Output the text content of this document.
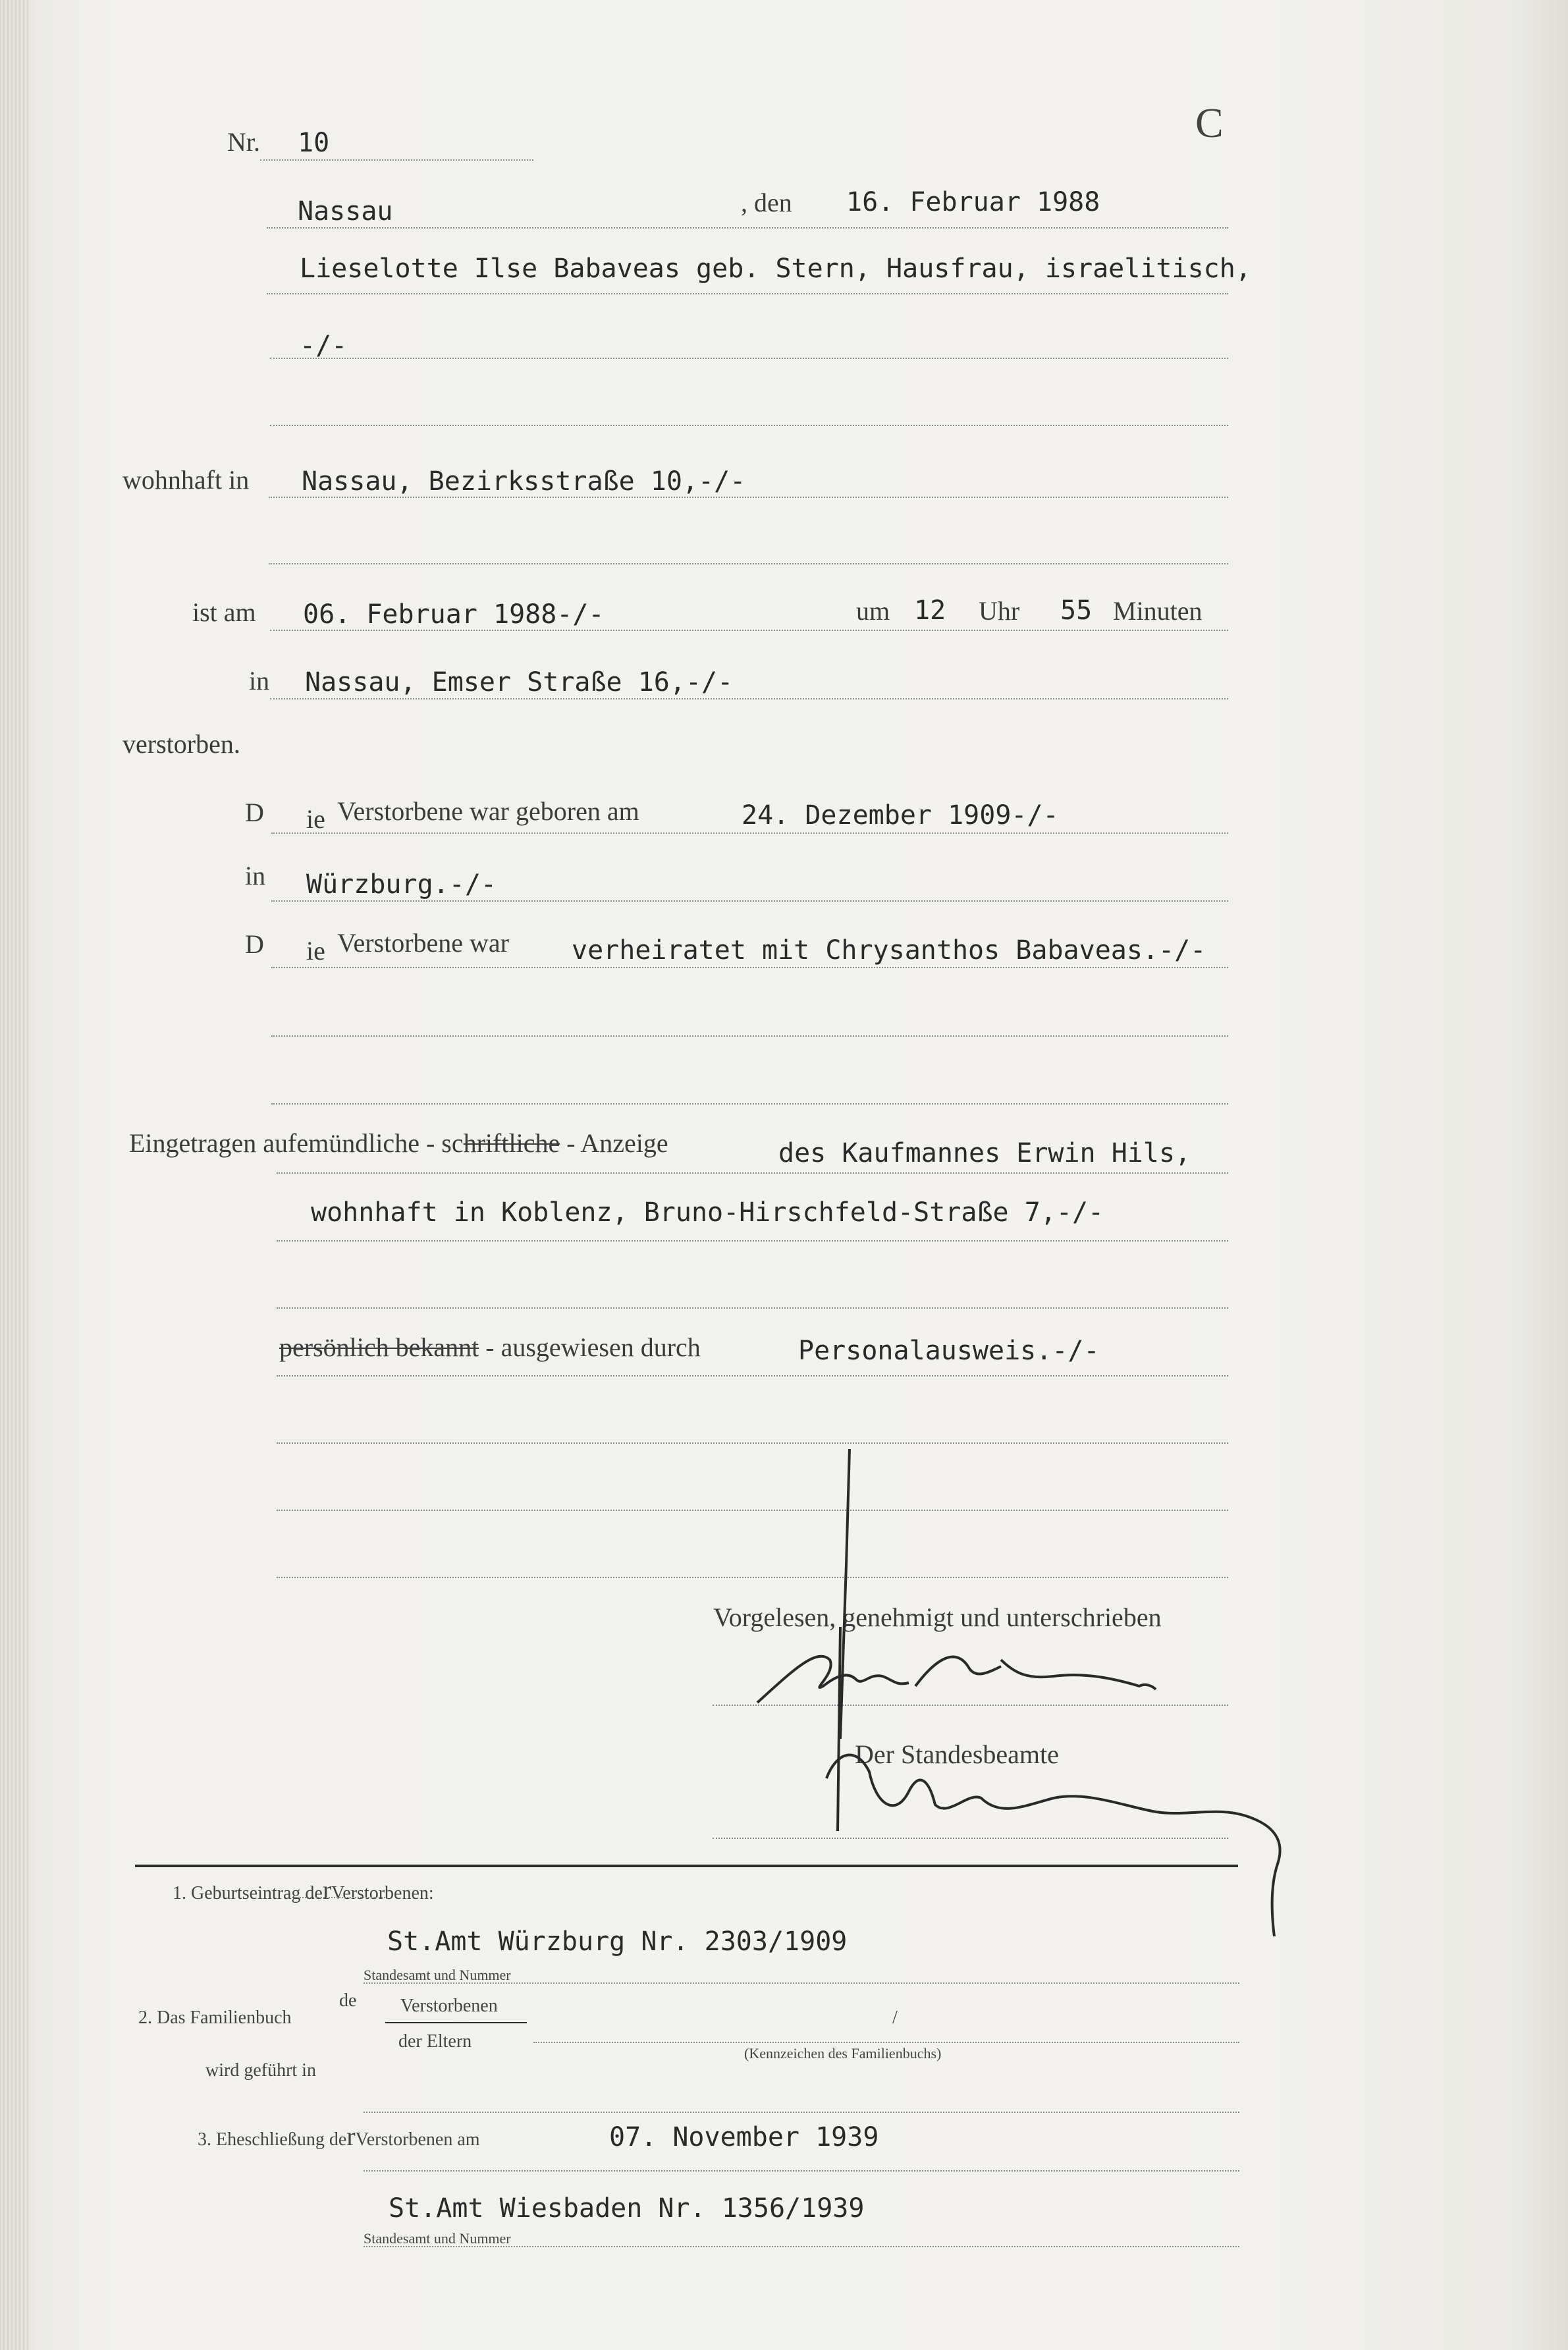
C
Nr. 10
Nassau	, den 16. Februar 1988
Lieselotte Ilse Babaveas geb. Stern, Hausfrau, israelitisch,
-/-
wohnhaft in Nassau, Bezirksstraße 10,-/-
ist am 06. Februar 1988-/-	um 12 Uhr 55 Minuten
in Nassau, Emser Straße 16,-/-
verstorben.
D ie Verstorbene war geboren am	24. Dezember 1909-/-
in Würzburg.-/-
D ie Verstorbene war verheiratet mit Chrysanthos Babaveas.-/-
Eingetragen aufemündliche - schriftliche - Anzeige	des Kaufmannes Erwin Hils,
wohnhaft in Koblenz, Bruno-Hirschfeld-Straße 7,-/-
persönlich bekannt - ausgewiesen durch	Personalausweis.-/-
Vorgelesen, genehmigt und unterschrieben
Der Standesbeamte
1. Geburtseintrag derVerstorbenen:
St.Amt Würzburg Nr. 2303/1909
Standesamt und Nummer
2. Das Familienbuch
de Verstorbenen
der Eltern
/
(Kennzeichen des Familienbuchs)
wird geführt in
3. Eheschließung derVerstorbenen am	07. November 1939
St.Amt Wiesbaden Nr. 1356/1939
Standesamt und Nummer
